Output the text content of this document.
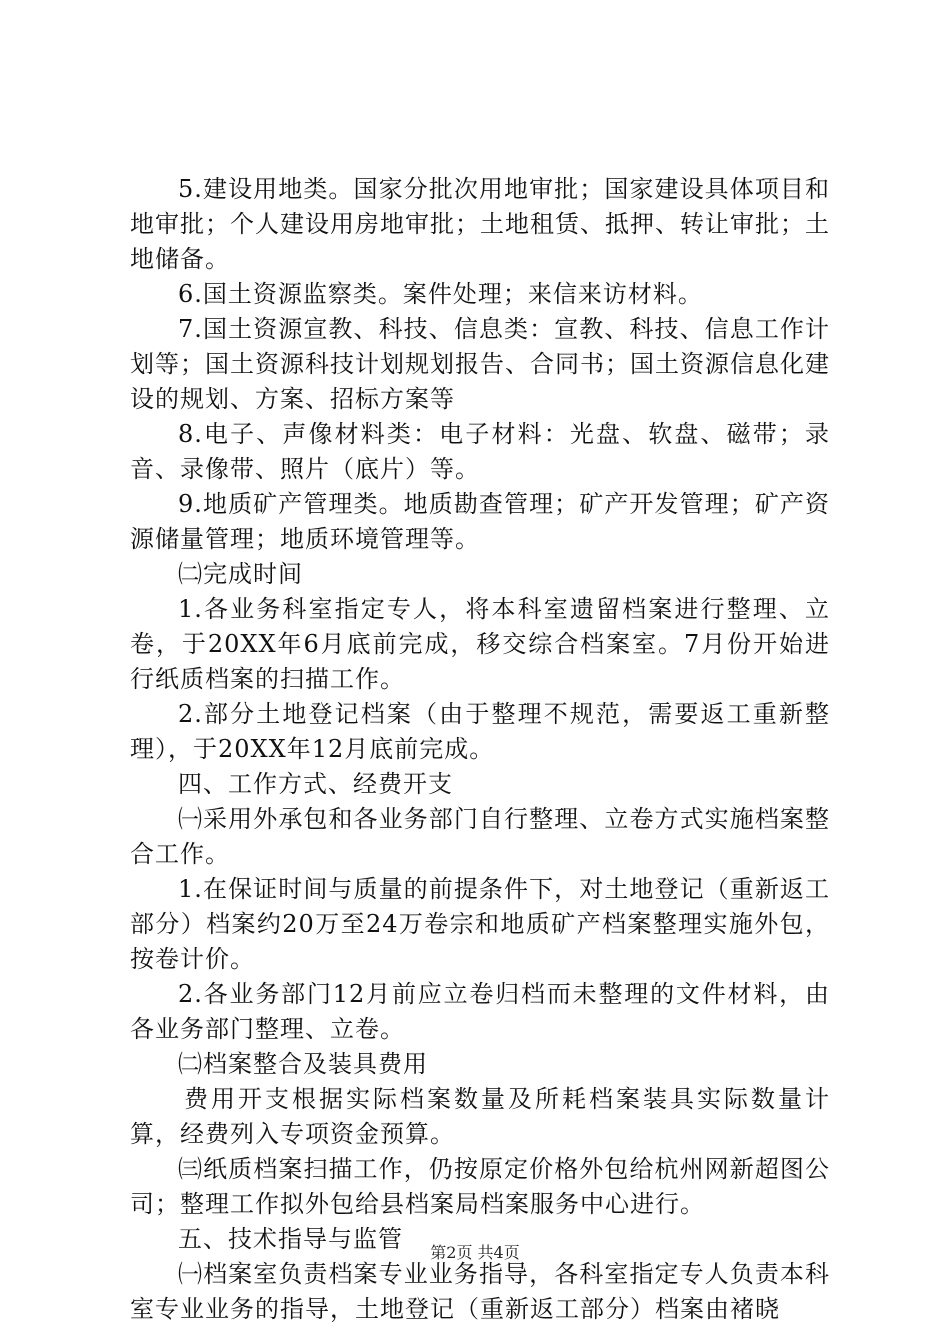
5.建设用地类。国家分批次用地审批；国家建设具体项目和地审批；个人建设用房地审批；土地租赁、抵押、转让审批；土地储备。

6.国土资源监察类。案件处理；来信来访材料。

7.国土资源宣教、科技、信息类：宣教、科技、信息工作计划等；国土资源科技计划规划报告、合同书；国土资源信息化建设的规划、方案、招标方案等

8.电子、声像材料类：电子材料：光盘、软盘、磁带；录音、录像带、照片（底片）等。

9.地质矿产管理类。地质勘查管理；矿产开发管理；矿产资源储量管理；地质环境管理等。

㈡完成时间

1.各业务科室指定专人，将本科室遗留档案进行整理、立卷，于20XX年6月底前完成，移交综合档案室。7月份开始进行纸质档案的扫描工作。

2.部分土地登记档案（由于整理不规范，需要返工重新整理），于20XX年12月底前完成。

四、工作方式、经费开支

㈠采用外承包和各业务部门自行整理、立卷方式实施档案整合工作。

1.在保证时间与质量的前提条件下，对土地登记（重新返工部分）档案约20万至24万卷宗和地质矿产档案整理实施外包，按卷计价。

2.各业务部门12月前应立卷归档而未整理的文件材料，由各业务部门整理、立卷。

㈡档案整合及装具费用

费用开支根据实际档案数量及所耗档案装具实际数量计算，经费列入专项资金预算。

㈢纸质档案扫描工作，仍按原定价格外包给杭州网新超图公司；整理工作拟外包给县档案局档案服务中心进行。

五、技术指导与监管

㈠档案室负责档案专业业务指导，各科室指定专人负责本科室专业业务的指导，土地登记（重新返工部分）档案由褚晓

第2页 共4页
